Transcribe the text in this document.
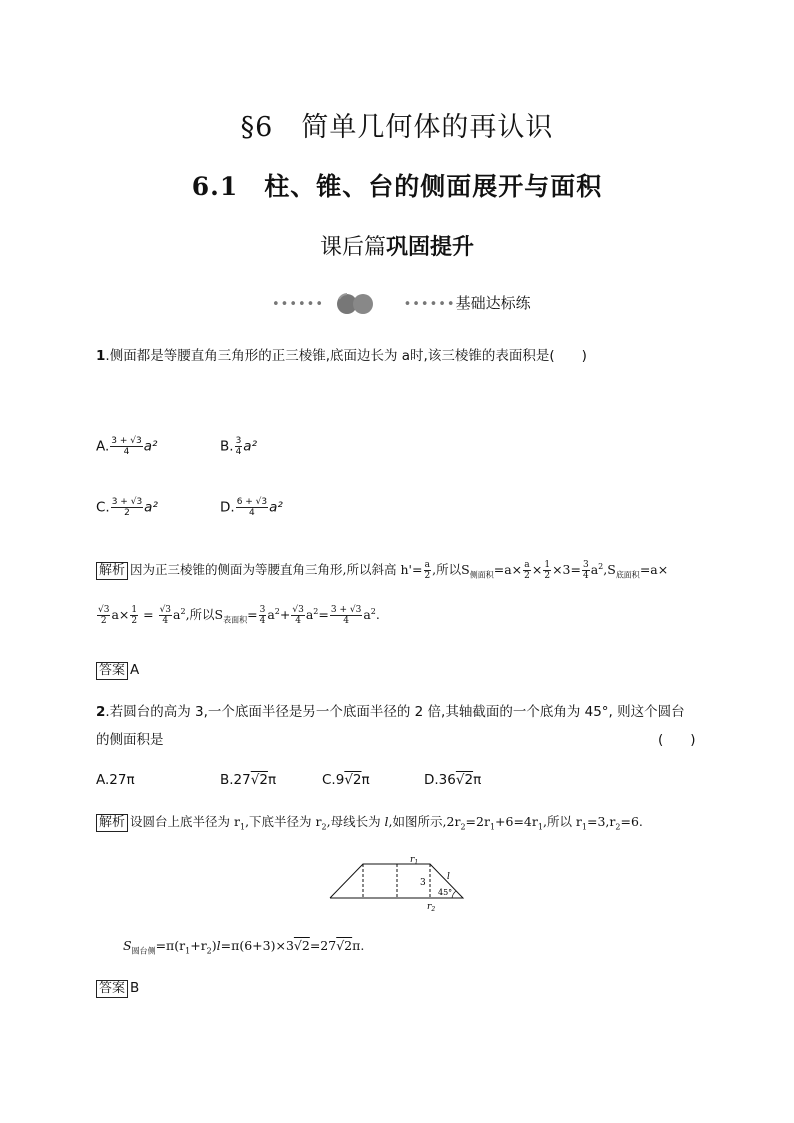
§6　简单几何体的再认识
6.1　柱、锥、台的侧面展开与面积
课后篇巩固提升
••••••	••••••基础达标练
1.侧面都是等腰直角三角形的正三棱锥,底面边长为 a时,该三棱锥的表面积是(　　)
A. $\frac{3 + √3}{4} a^2$	B. $\frac{3}{4} a^2$
C. $\frac{3 + √3}{2} a^2$	D. $\frac{6 + √3}{4} a^2$
解析 因为正三棱锥的侧面为等腰直角三角形,所以斜高 $h'= \frac{a}{2}$ ,所以$S_{侧面积}=a\times \frac{a}{2} \times \frac{1}{2} \times 3= \frac{3}{4} a^2,S_{底面积}=a\times$
$\frac{√3}{2} a\times \frac{1}{2} = \frac{√3}{4} a^2$,所以$S_{表面积}= \frac{3}{4} a^2+ \frac{√3}{4} a^2= \frac{3 + √3}{4} a^2$.
答案 A
2.若圆台的高为 3,一个底面半径是另一个底面半径的 2 倍,其轴截面的一个底角为 45°, 则这个圆台
的侧面积是	(　　)
A.27π	B.27√2π	C.9√2π	D.36√2π
解析 设圆台上底半径为 $r_1$,下底半径为 $r_2$,母线长为 l,如图所示$,2r_2=2r_1+6=4r_1$,所以 $r_1=3,r_2=6$.
$r_1$
3
l
45°
$r_2$
$S_{圆台侧}=\pi(r_1+r_2)l=\pi(6+3)\times 3√2=27√2\pi$.
答案 B
